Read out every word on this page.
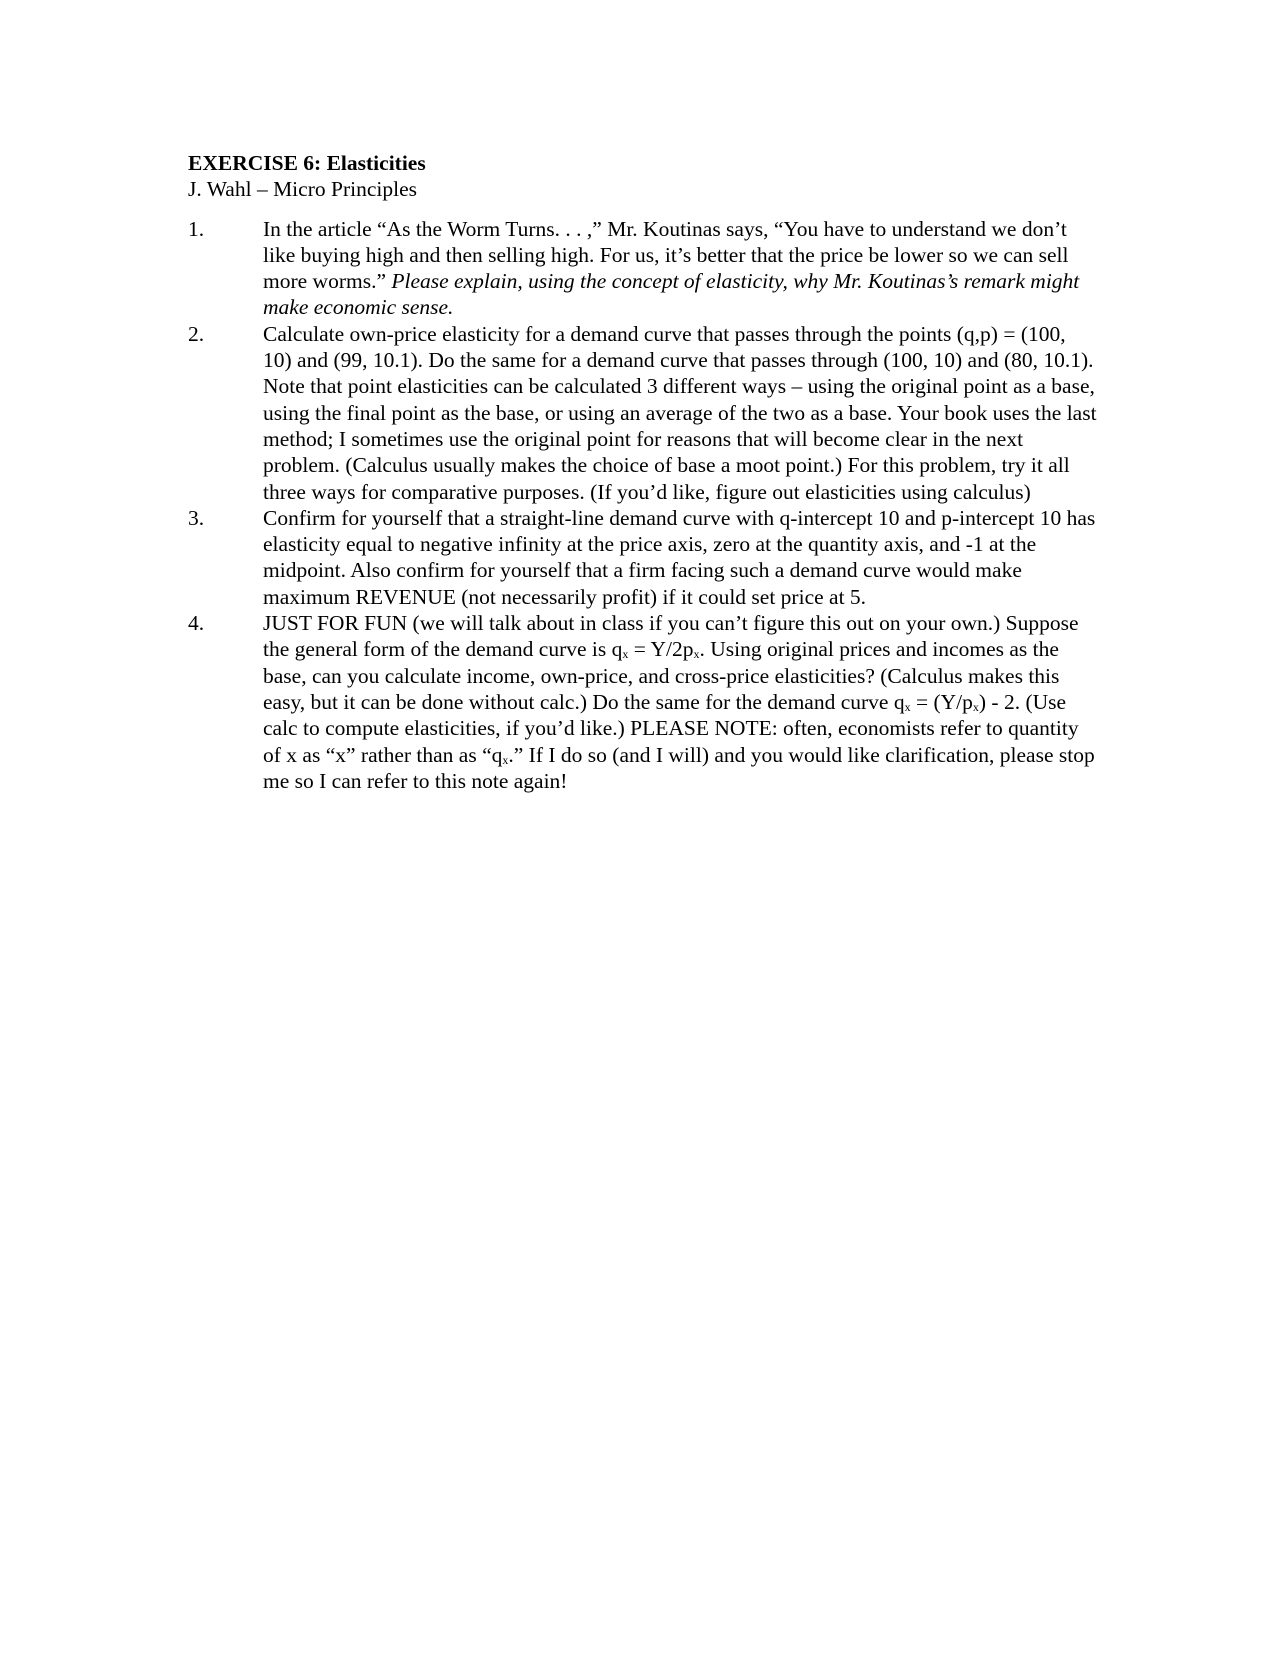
EXERCISE 6: Elasticities
J. Wahl – Micro Principles
1.	In the article “As the Worm Turns. . . ,” Mr. Koutinas says, “You have to understand we don’t like buying high and then selling high. For us, it’s better that the price be lower so we can sell more worms.” Please explain, using the concept of elasticity, why Mr. Koutinas’s remark might make economic sense.
2.	Calculate own-price elasticity for a demand curve that passes through the points (q,p) = (100, 10) and (99, 10.1). Do the same for a demand curve that passes through (100, 10) and (80, 10.1). Note that point elasticities can be calculated 3 different ways – using the original point as a base, using the final point as the base, or using an average of the two as a base. Your book uses the last method; I sometimes use the original point for reasons that will become clear in the next problem. (Calculus usually makes the choice of base a moot point.) For this problem, try it all three ways for comparative purposes. (If you’d like, figure out elasticities using calculus)
3.	Confirm for yourself that a straight-line demand curve with q-intercept 10 and p-intercept 10 has elasticity equal to negative infinity at the price axis, zero at the quantity axis, and -1 at the midpoint. Also confirm for yourself that a firm facing such a demand curve would make maximum REVENUE (not necessarily profit) if it could set price at 5.
4.	JUST FOR FUN (we will talk about in class if you can’t figure this out on your own.) Suppose the general form of the demand curve is $q_x = Y/2p_x$. Using original prices and incomes as the base, can you calculate income, own-price, and cross-price elasticities? (Calculus makes this easy, but it can be done without calc.) Do the same for the demand curve $q_x = (Y/p_x) - 2$. (Use calc to compute elasticities, if you’d like.) PLEASE NOTE: often, economists refer to quantity of x as “x” rather than as “$q_x$.” If I do so (and I will) and you would like clarification, please stop me so I can refer to this note again!
